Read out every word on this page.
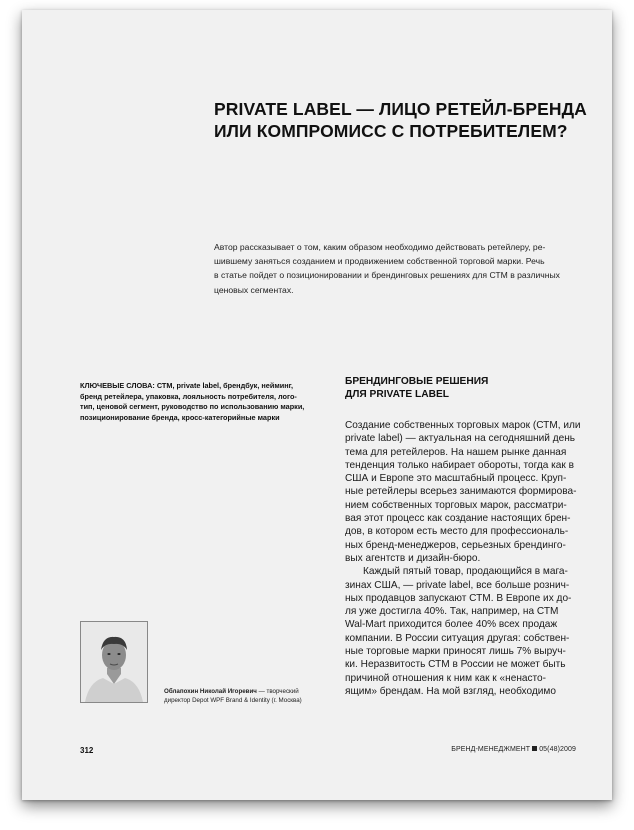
PRIVATE LABEL — ЛИЦО РЕТЕЙЛ-БРЕНДА
ИЛИ КОМПРОМИСС С ПОТРЕБИТЕЛЕМ?
Автор рассказывает о том, каким образом необходимо действовать ретейлеру, ре-
шившему заняться созданием и продвижением собственной торговой марки. Речь
в статье пойдет о позиционировании и брендинговых решениях для СТМ в различных
ценовых сегментах.
КЛЮЧЕВЫЕ СЛОВА: СТМ, private label, брендбук, нейминг,
бренд ретейлера, упаковка, лояльность потребителя, лого-
тип, ценовой сегмент, руководство по использованию марки,
позиционирование бренда, кросс-категорийные марки
БРЕНДИНГОВЫЕ РЕШЕНИЯ
ДЛЯ PRIVATE LABEL
Создание собственных торговых марок (СТМ, или
private label) — актуальная на сегодняшний день
тема для ретейлеров. На нашем рынке данная
тенденция только набирает обороты, тогда как в
США и Европе это масштабный процесс. Круп-
ные ретейлеры всерьез занимаются формирова-
нием собственных торговых марок, рассматри-
вая этот процесс как создание настоящих брен-
дов, в котором есть место для профессиональ-
ных бренд-менеджеров, серьезных брендинго-
вых агентств и дизайн-бюро.
Каждый пятый товар, продающийся в мага-
зинах США, — private label, все больше рознич-
ных продавцов запускают СТМ. В Европе их до-
ля уже достигла 40%. Так, например, на СТМ
Wal-Mart приходится более 40% всех продаж
компании. В России ситуация другая: собствен-
ные торговые марки приносят лишь 7% выруч-
ки. Неразвитость СТМ в России не может быть
причиной отношения к ним как к «ненасто-
ящим» брендам. На мой взгляд, необходимо
Облапохин Николай Игоревич — творческий
директор Depot WPF Brand & Identity (г. Москва)
312	БРЕНД-МЕНЕДЖМЕНТ 05(48)2009
